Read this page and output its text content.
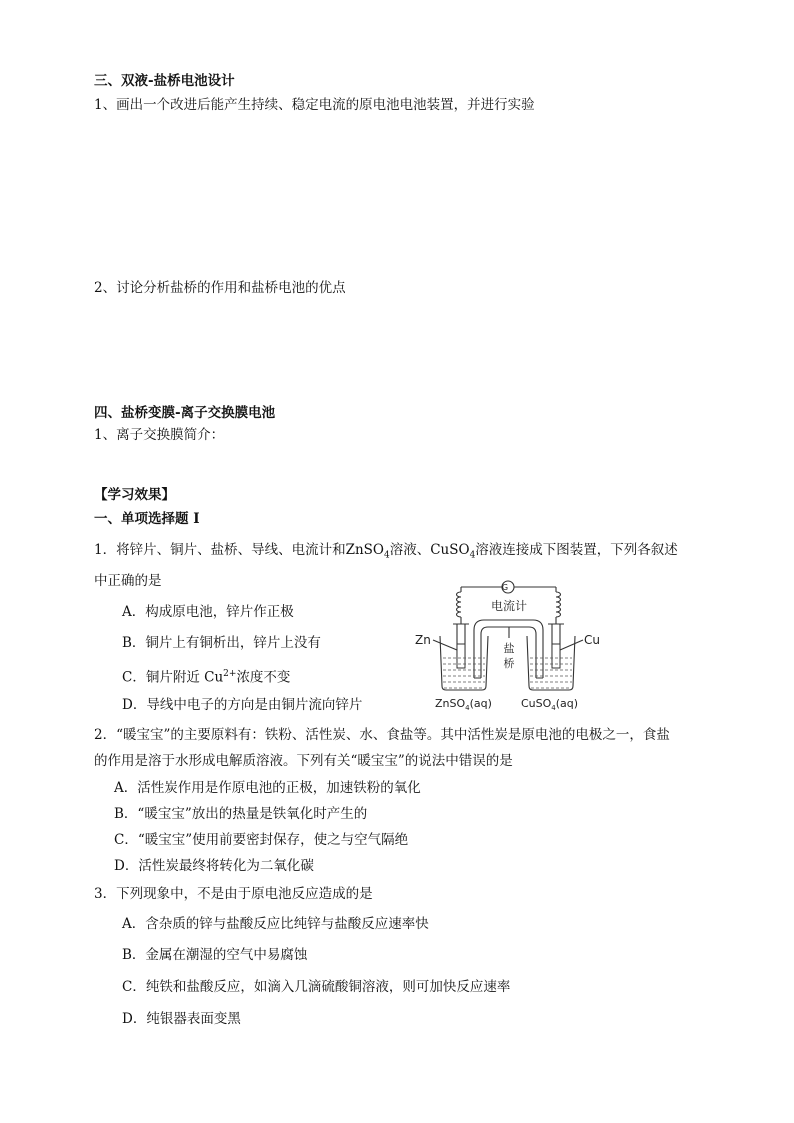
三、双液-盐桥电池设计
1、画出一个改进后能产生持续、稳定电流的原电池电池装置，并进行实验
2、讨论分析盐桥的作用和盐桥电池的优点
四、盐桥变膜-离子交换膜电池
1、离子交换膜简介：
【学习效果】
一、单项选择题 I
1．将锌片、铜片、盐桥、导线、电流计和ZnSO$_4$溶液、CuSO$_4$溶液连接成下图装置，下列各叙述
中正确的是
A．构成原电池，锌片作正极
B．铜片上有铜析出，锌片上没有
C．铜片附近 $Cu^{2+}$浓度不变
D．导线中电子的方向是由铜片流向锌片
G
电流计
盐
桥
Zn	Cu
ZnSO$_4$(aq)	CuSO$_4$(aq)
2．“暖宝宝”的主要原料有：铁粉、活性炭、水、食盐等。其中活性炭是原电池的电极之一，食盐
的作用是溶于水形成电解质溶液。下列有关“暖宝宝”的说法中错误的是
A．活性炭作用是作原电池的正极，加速铁粉的氧化
B．“暖宝宝”放出的热量是铁氧化时产生的
C．“暖宝宝”使用前要密封保存，使之与空气隔绝
D．活性炭最终将转化为二氧化碳
3．下列现象中，不是由于原电池反应造成的是
A．含杂质的锌与盐酸反应比纯锌与盐酸反应速率快
B．金属在潮湿的空气中易腐蚀
C．纯铁和盐酸反应，如滴入几滴硫酸铜溶液，则可加快反应速率
D．纯银器表面变黑
